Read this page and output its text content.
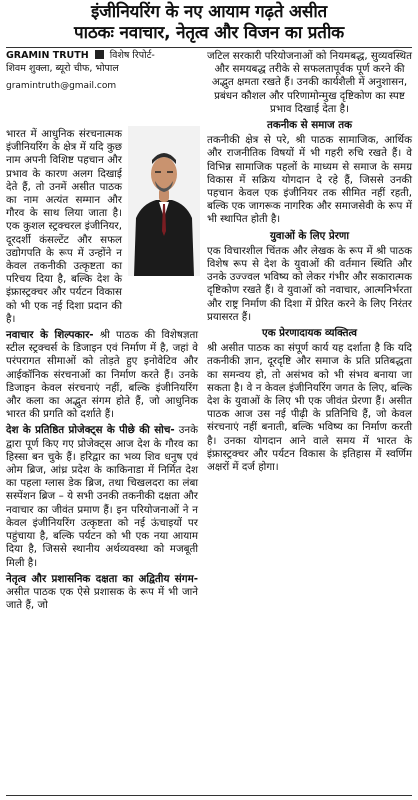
इंजीनियरिंग के नए आयाम गढ़ते असीत
पाठकः नवाचार, नेतृत्व और विजन का प्रतीक
GRAMIN TRUTH विशेष रिपोर्ट-
शिवम शुक्ला, ब्यूरो चीफ, भोपाल
gramintruth@gmail.com

भारत में आधुनिक संरचनात्मक इंजीनियरिंग के क्षेत्र में यदि कुछ नाम अपनी विशिष्ट पहचान और प्रभाव के कारण अलग दिखाई देते हैं, तो उनमें असीत पाठक का नाम अत्यंत सम्मान और गौरव के साथ लिया जाता है। एक कुशल स्ट्रक्चरल इंजीनियर, दूरदर्शी कंसल्टेंट और सफल उद्योगपति के रूप में उन्होंने न केवल तकनीकी उत्कृष्टता का परिचय दिया है, बल्कि देश के इंफ्रास्ट्रक्चर और पर्यटन विकास को भी एक नई दिशा प्रदान की है।

नवाचार के शिल्पकार- श्री पाठक की विशेषज्ञता स्टील स्ट्रक्चर्स के डिजाइन एवं निर्माण में है, जहां वे परंपरागत सीमाओं को तोड़ते हुए इनोवेटिव और आईकॉनिक संरचनाओं का निर्माण करते हैं। उनके डिजाइन केवल संरचनाएं नहीं, बल्कि इंजीनियरिंग और कला का अद्भुत संगम होते हैं, जो आधुनिक भारत की प्रगति को दर्शाते हैं।

देश के प्रतिष्ठित प्रोजेक्ट्स के पीछे की सोच- उनके द्वारा पूर्ण किए गए प्रोजेक्ट्स आज देश के गौरव का हिस्सा बन चुके हैं। हरिद्वार का भव्य शिव धनुष एवं ओम ब्रिज, आंध्र प्रदेश के काकिनाडा में निर्मित देश का पहला ग्लास डेक ब्रिज, तथा चिखलदरा का लंबा सस्पेंशन ब्रिज – ये सभी उनकी तकनीकी दक्षता और नवाचार का जीवंत प्रमाण हैं। इन परियोजनाओं ने न केवल इंजीनियरिंग उत्कृष्टता को नई ऊंचाइयों पर पहुंचाया है, बल्कि पर्यटन को भी एक नया आयाम दिया है, जिससे स्थानीय अर्थव्यवस्था को मजबूती मिली है।

नेतृत्व और प्रशासनिक दक्षता का अद्वितीय संगम- असीत पाठक एक ऐसे प्रशासक के रूप में भी जाने जाते हैं, जो

जटिल सरकारी परियोजनाओं को नियमबद्ध, सुव्यवस्थित और समयबद्ध तरीके से सफलतापूर्वक पूर्ण करने की अद्भुत क्षमता रखते हैं। उनकी कार्यशैली में अनुशासन, प्रबंधन कौशल और परिणामोन्मुख दृष्टिकोण का स्पष्ट प्रभाव दिखाई देता है।

तकनीक से समाज तक

तकनीकी क्षेत्र से परे, श्री पाठक सामाजिक, आर्थिक और राजनीतिक विषयों में भी गहरी रुचि रखते हैं। वे विभिन्न सामाजिक पहलों के माध्यम से समाज के समग्र विकास में सक्रिय योगदान दे रहे हैं, जिससे उनकी पहचान केवल एक इंजीनियर तक सीमित नहीं रहती, बल्कि एक जागरूक नागरिक और समाजसेवी के रूप में भी स्थापित होती है।

युवाओं के लिए प्रेरणा

एक विचारशील चिंतक और लेखक के रूप में श्री पाठक विशेष रूप से देश के युवाओं की वर्तमान स्थिति और उनके उज्ज्वल भविष्य को लेकर गंभीर और सकारात्मक दृष्टिकोण रखते हैं। वे युवाओं को नवाचार, आत्मनिर्भरता और राष्ट्र निर्माण की दिशा में प्रेरित करने के लिए निरंतर प्रयासरत हैं।

एक प्रेरणादायक व्यक्तित्व

श्री असीत पाठक का संपूर्ण कार्य यह दर्शाता है कि यदि तकनीकी ज्ञान, दूरदृष्टि और समाज के प्रति प्रतिबद्धता का समन्वय हो, तो असंभव को भी संभव बनाया जा सकता है। वे न केवल इंजीनियरिंग जगत के लिए, बल्कि देश के युवाओं के लिए भी एक जीवंत प्रेरणा हैं। असीत पाठक आज उस नई पीढ़ी के प्रतिनिधि हैं, जो केवल संरचनाएं नहीं बनाती, बल्कि भविष्य का निर्माण करती है। उनका योगदान आने वाले समय में भारत के इंफ्रास्ट्रक्चर और पर्यटन विकास के इतिहास में स्वर्णिम अक्षरों में दर्ज होगा।
